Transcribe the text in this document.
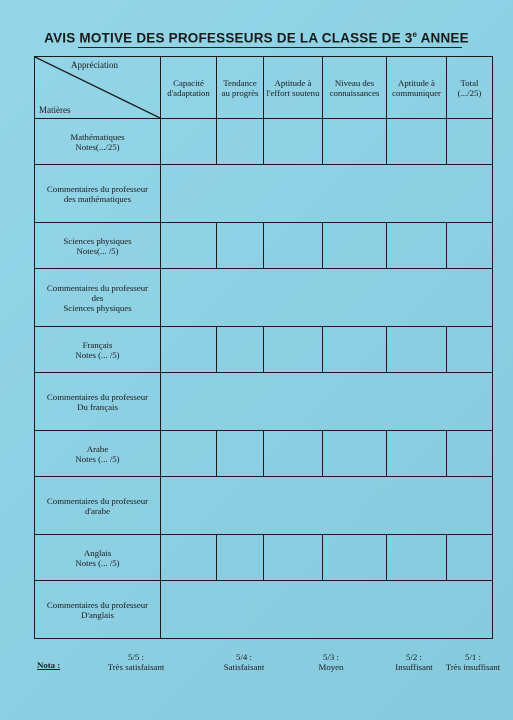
AVIS MOTIVE DES PROFESSEURS DE LA CLASSE DE 3e ANNEE
Appréciation
Matières	Capacité d'adaptation	Tendance au progrès	Aptitude à l'effort soutenu	Niveau des connaissances	Aptitude à communiquer	Total (.../25)
Mathématiques
Notes(.../25)						
Commentaires du professeur
des mathématiques						
Sciences physiques
Notes(... /5)						
Commentaires du professeur
des
Sciences physiques						
Français
Notes (... /5)						
Commentaires du professeur
Du français						
Arabe
Notes (... /5)						
Commentaires du professeur
d'arabe						
Anglais
Notes (... /5)						
Commentaires du professeur
D'anglais						
Nota :
5/5 :
Très satisfaisant
5/4 :
Satisfaisant
5/3 :
Moyen
5/2 :
Insuffisant
5/1 :
Très insuffisant
